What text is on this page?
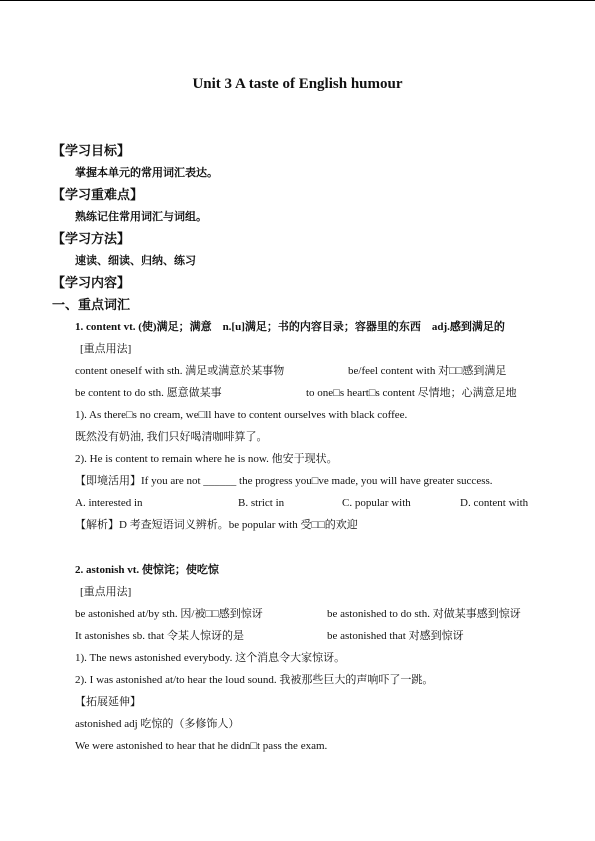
Unit 3 A taste of English humour
【学习目标】
掌握本单元的常用词汇表达。
【学习重难点】
熟练记住常用词汇与词组。
【学习方法】
速读、细读、归纳、练习
【学习内容】
一、重点词汇
1. content vt. (使)满足；满意　n.[u]满足；书的内容目录；容器里的东西　adj.感到满足的
[重点用法]
content oneself with sth. 满足或满意於某事物	be/feel content with 对□□感到满足
be content to do sth. 愿意做某事	to one□s heart□s content 尽情地；心满意足地
1). As there□s no cream, we□ll have to content ourselves with black coffee.
既然没有奶油, 我们只好喝清咖啡算了。
2). He is content to remain where he is now. 他安于现状。
【即境活用】If you are not ______ the progress you□ve made, you will have greater success.
A. interested in	B. strict in	C. popular with	D. content with
【解析】D 考查短语词义辨析。be popular with 受□□的欢迎
2. astonish vt. 使惊诧；使吃惊
[重点用法]
be astonished at/by sth. 因/被□□感到惊讶	be astonished to do sth. 对做某事感到惊讶
It astonishes sb. that 令某人惊讶的是	be astonished that 对感到惊讶
1). The news astonished everybody. 这个消息令大家惊讶。
2). I was astonished at/to hear the loud sound. 我被那些巨大的声响吓了一跳。
【拓展延伸】
astonished adj 吃惊的（多修饰人）
We were astonished to hear that he didn□t pass the exam.
